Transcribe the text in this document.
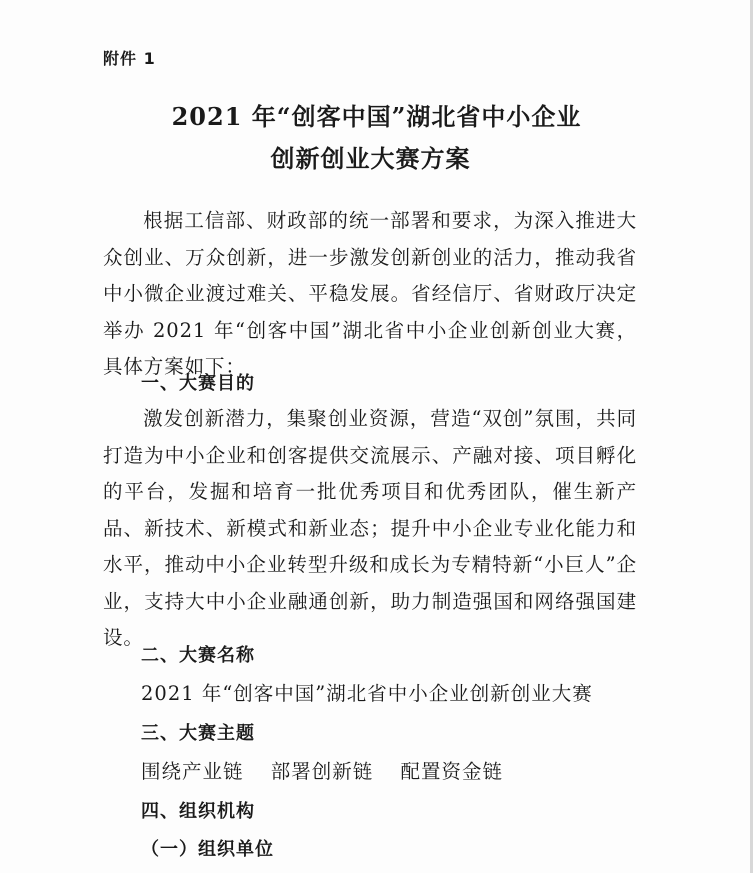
附件 1
2021 年“创客中国”湖北省中小企业
创新创业大赛方案
根据工信部、财政部的统一部署和要求，为深入推进大众创业、万众创新，进一步激发创新创业的活力，推动我省中小微企业渡过难关、平稳发展。省经信厅、省财政厅决定举办 2021 年“创客中国”湖北省中小企业创新创业大赛，具体方案如下：
一、大赛目的
激发创新潜力，集聚创业资源，营造“双创”氛围，共同打造为中小企业和创客提供交流展示、产融对接、项目孵化的平台，发掘和培育一批优秀项目和优秀团队，催生新产品、新技术、新模式和新业态；提升中小企业专业化能力和水平，推动中小企业转型升级和成长为专精特新“小巨人”企业，支持大中小企业融通创新，助力制造强国和网络强国建设。
二、大赛名称
2021 年“创客中国”湖北省中小企业创新创业大赛
三、大赛主题
围绕产业链 部署创新链 配置资金链
四、组织机构
（一）组织单位
